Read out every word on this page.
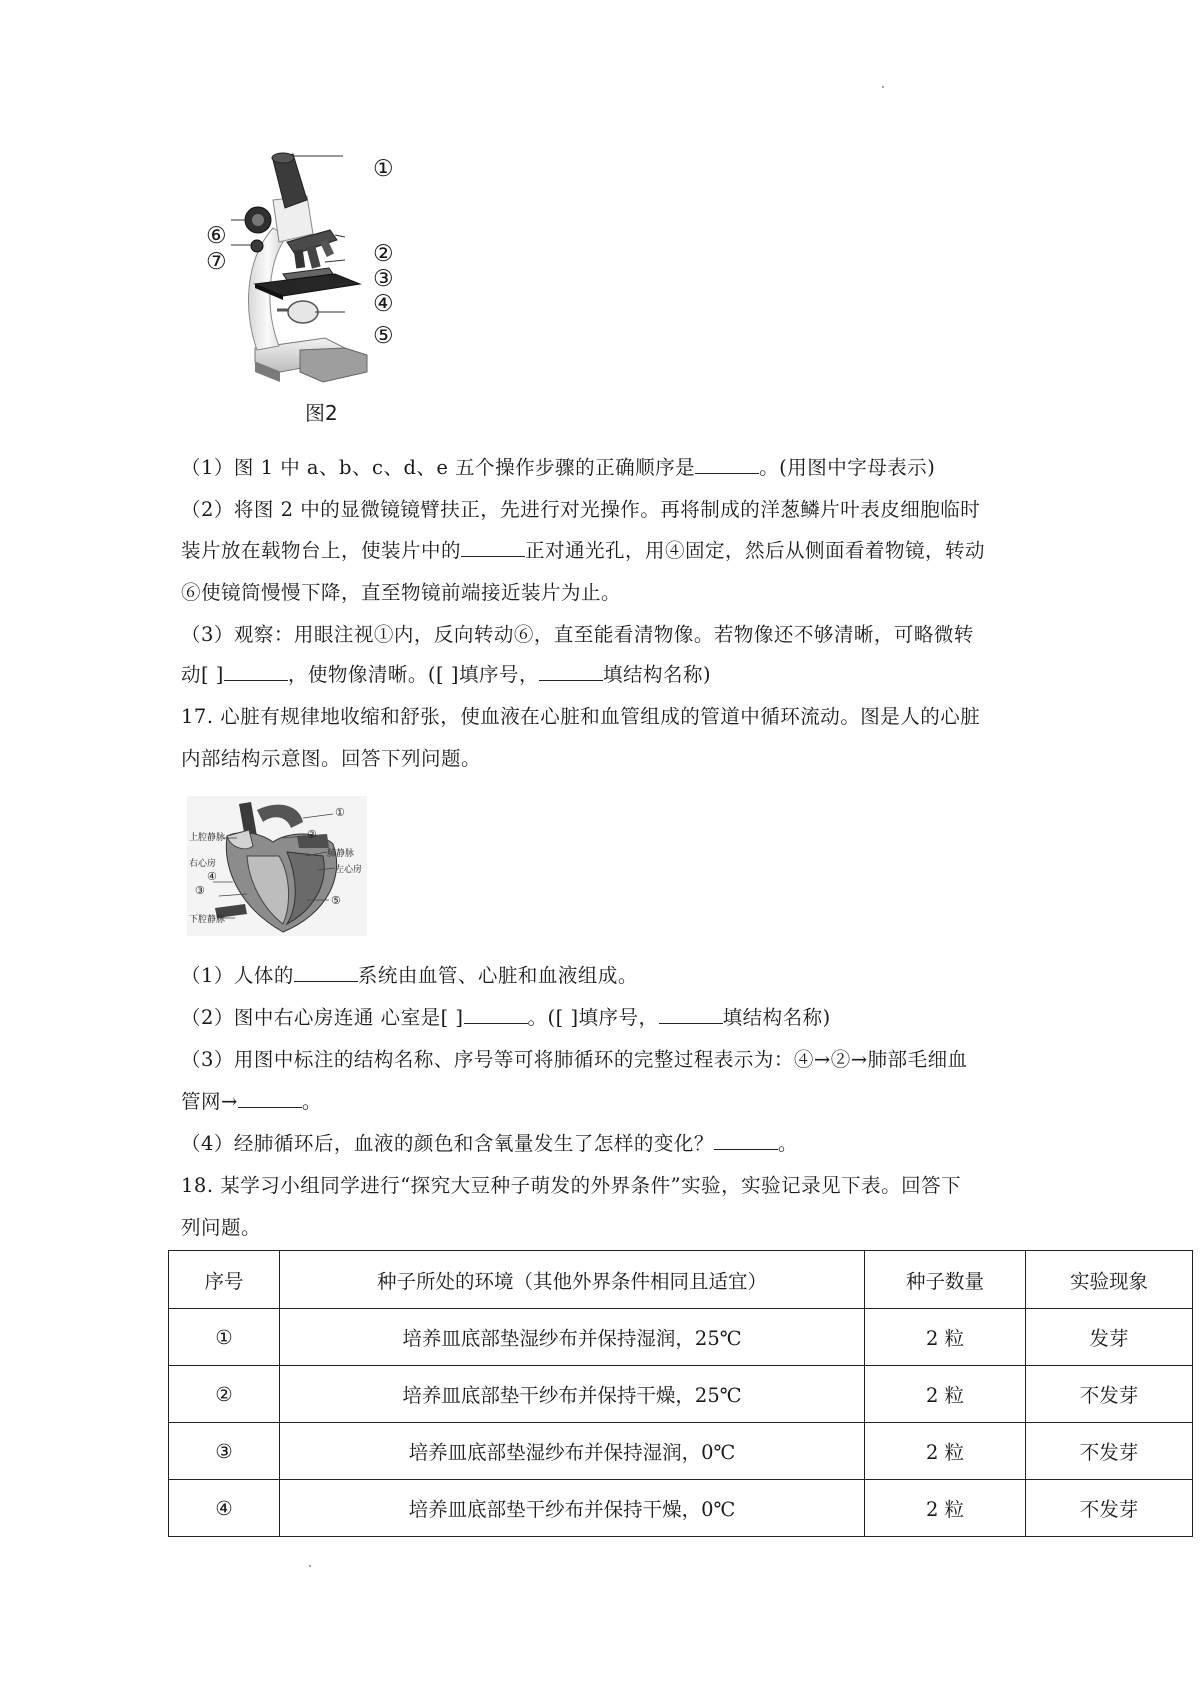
①
⑥
⑦	②
③
④
⑤
图2
（1）图 1 中 a、b、c、d、e 五个操作步骤的正确顺序是	。(用图中字母表示)
（2）将图 2 中的显微镜镜臂扶正，先进行对光操作。再将制成的洋葱鳞片叶表皮细胞临时
装片放在载物台上，使装片中的	正对通光孔，用④固定，然后从侧面看着物镜，转动
⑥使镜筒慢慢下降，直至物镜前端接近装片为止。
（3）观察：用眼注视①内，反向转动⑥，直至能看清物像。若物像还不够清晰，可略微转
动[ ]	，使物像清晰。([ ]填序号，	填结构名称)
17. 心脏有规律地收缩和舒张，使血液在心脏和血管组成的管道中循环流动。图是人的心脏
内部结构示意图。回答下列问题。
①
②
③
④
⑤
上腔静脉
肺静脉
左心房
右心房
下腔静脉
（1）人体的	系统由血管、心脏和血液组成。
（2）图中右心房连通 心室是[ ]	。([ ]填序号，	填结构名称)
（3）用图中标注的结构名称、序号等可将肺循环的完整过程表示为：④→②→肺部毛细血
管网→	。
（4）经肺循环后，血液的颜色和含氧量发生了怎样的变化？	。
18. 某学习小组同学进行“探究大豆种子萌发的外界条件”实验，实验记录见下表。回答下
列问题。
序号	种子所处的环境（其他外界条件相同且适宜）	种子数量	实验现象
①	培养皿底部垫湿纱布并保持湿润，25℃	2 粒	发芽
②	培养皿底部垫干纱布并保持干燥，25℃	2 粒	不发芽
③	培养皿底部垫湿纱布并保持湿润，0℃	2 粒	不发芽
④	培养皿底部垫干纱布并保持干燥，0℃	2 粒	不发芽
